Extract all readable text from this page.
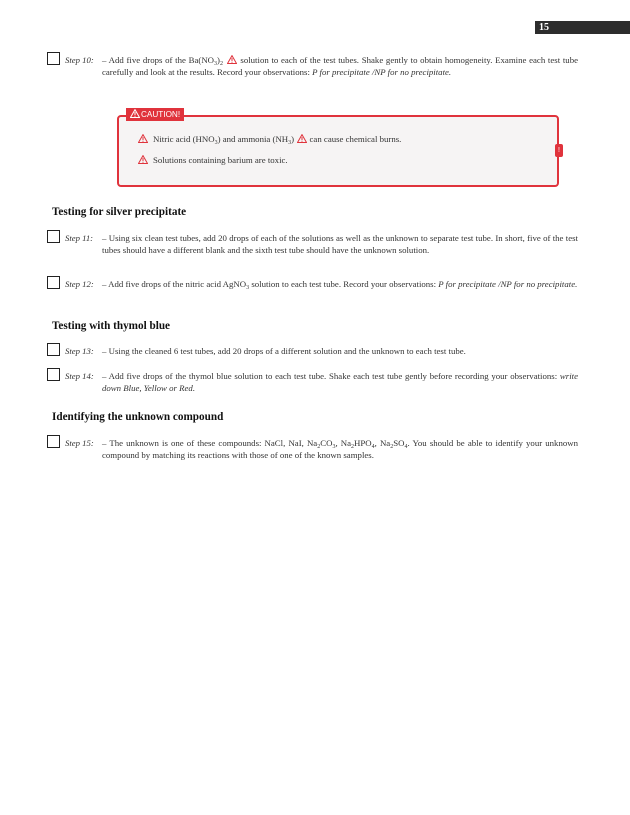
15
Step 10: – Add five drops of the $Ba(NO_3)_2$  solution to each of the test tubes. Shake gently to obtain homogeneity. Examine each test tube carefully and look at the results. Record your observations: P for precipitate /NP for no precipitate.
CAUTION!
Nitric acid $(HNO_3)$ and ammonia $(NH_3)$  can cause chemical burns.
Solutions containing barium are toxic.
!
Testing for silver precipitate
Step 11: – Using six clean test tubes, add 20 drops of each of the solutions as well as the unknown to separate test tube. In short, five of the test tubes should have a different blank and the sixth test tube should have the unknown solution.
Step 12: – Add five drops of the nitric acid AgNO$_3$ solution to each test tube. Record your observations: P for precipitate /NP for no precipitate.
Testing with thymol blue
Step 13: – Using the cleaned 6 test tubes, add 20 drops of a different solution and the unknown to each test tube.
Step 14: – Add five drops of the thymol blue solution to each test tube. Shake each test tube gently before recording your observations: write down Blue, Yellow or Red.
Identifying the unknown compound
Step 15: – The unknown is one of these compounds: NaCl, NaI, $Na_2CO_3$, $Na_2HPO_4$, $Na_2SO_4$. You should be able to identify your unknown compound by matching its reactions with those of one of the known samples.
